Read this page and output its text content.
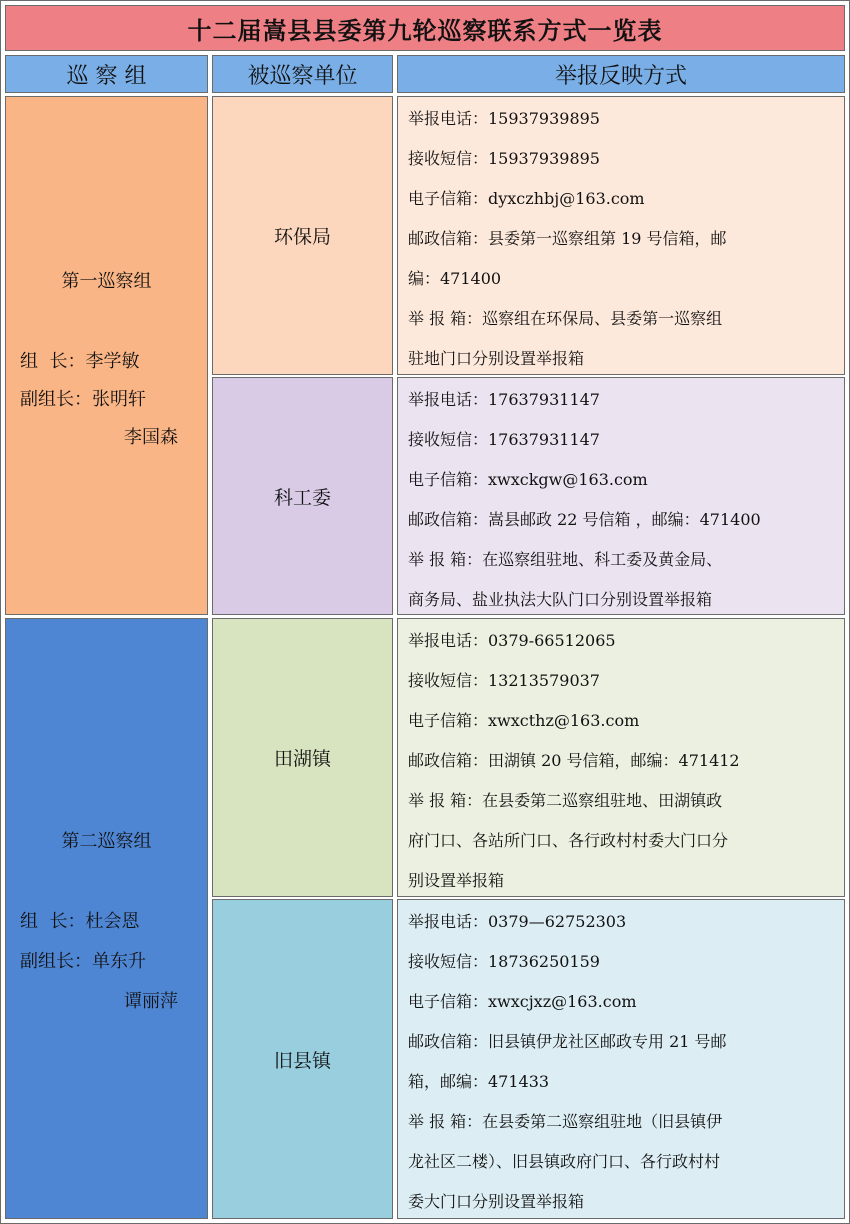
十二届嵩县县委第九轮巡察联系方式一览表
巡 察 组	被巡察单位	举报反映方式
第一巡察组
组  长：李学敏
副组长：张明轩
李国森
环保局
举报电话：15937939895
接收短信：15937939895
电子信箱：dyxczhbj@163.com
邮政信箱：县委第一巡察组第 19 号信箱，邮
编：471400
举 报 箱：巡察组在环保局、县委第一巡察组
驻地门口分别设置举报箱
科工委
举报电话：17637931147
接收短信：17637931147
电子信箱：xwxckgw@163.com
邮政信箱：嵩县邮政 22 号信箱 ，邮编：471400
举 报 箱：在巡察组驻地、科工委及黄金局、
商务局、盐业执法大队门口分别设置举报箱
第二巡察组
组  长：杜会恩
副组长：单东升
谭丽萍
田湖镇
举报电话：0379-66512065
接收短信：13213579037
电子信箱：xwxcthz@163.com
邮政信箱：田湖镇 20 号信箱，邮编：471412
举 报 箱：在县委第二巡察组驻地、田湖镇政
府门口、各站所门口、各行政村村委大门口分
别设置举报箱
旧县镇
举报电话：0379—62752303
接收短信：18736250159
电子信箱：xwxcjxz@163.com
邮政信箱：旧县镇伊龙社区邮政专用 21 号邮
箱，邮编：471433
举 报 箱：在县委第二巡察组驻地（旧县镇伊
龙社区二楼）、旧县镇政府门口、各行政村村
委大门口分别设置举报箱
